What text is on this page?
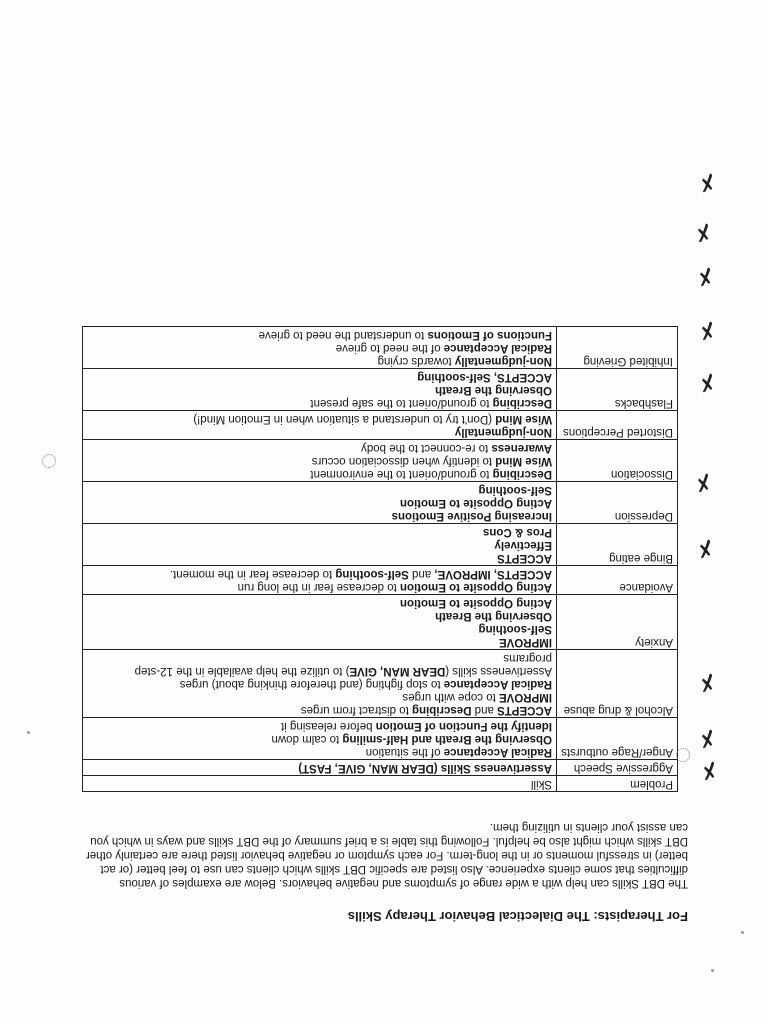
For Therapists: The Dialectical Behavior Therapy Skills
The DBT Skills can help with a wide range of symptoms and negative behaviors. Below are examples of various difficulties that some clients experience. Also listed are specific DBT skills which clients can use to feel better (or act better) in stressful moments or in the long-term. For each symptom or negative behavior listed there are certainly other DBT skills which might also be helpful. Following this table is a brief summary of the DBT skills and ways in which you can assist your clients in utilizing them.
Problem	Skill
Aggressive Speech	Assertiveness Skills (DEAR MAN, GIVE, FAST)

Anger/Rage outbursts	Radical Acceptance of the situation
Observing the Breath and Half-smiling to calm down
Identify the Function of Emotion before releasing it

Alcohol & drug abuse	ACCEPTS and Describing to distract from urges
IMPROVE to cope with urges
Radical Acceptance to stop fighting (and therefore thinking about) urges
Assertiveness skills (DEAR MAN, GIVE) to utilize the help available in the 12-step programs

Anxiety	IMPROVE
Self-soothing
Observing the Breath
Acting Opposite to Emotion

Avoidance	Acting Opposite to Emotion to decrease fear in the long run
ACCEPTS, IMPROVE, and Self-soothing to decrease fear in the moment.

Binge eating	ACCEPTS
Effectively
Pros & Cons

Depression	Increasing Positive Emotions
Acting Opposite to Emotion
Self-soothing

Dissociation	Describing to ground/orient to the environment
Wise Mind to identify when dissociation occurs
Awareness to re-connect to the body

Distorted Perceptions	Non-judgmentally
Wise Mind (Don't try to understand a situation when in Emotion Mind!)

Flashbacks	Describing to ground/orient to the safe present
Observing the Breath
ACCEPTS, Self-soothing

Inhibited Grieving	Non-judgmentally towards crying
Radical Acceptance of the need to grieve
Functions of Emotions to understand the need to grieve
✗
✗
✗
✗
✗
✗
✗
✗
✗
✗
